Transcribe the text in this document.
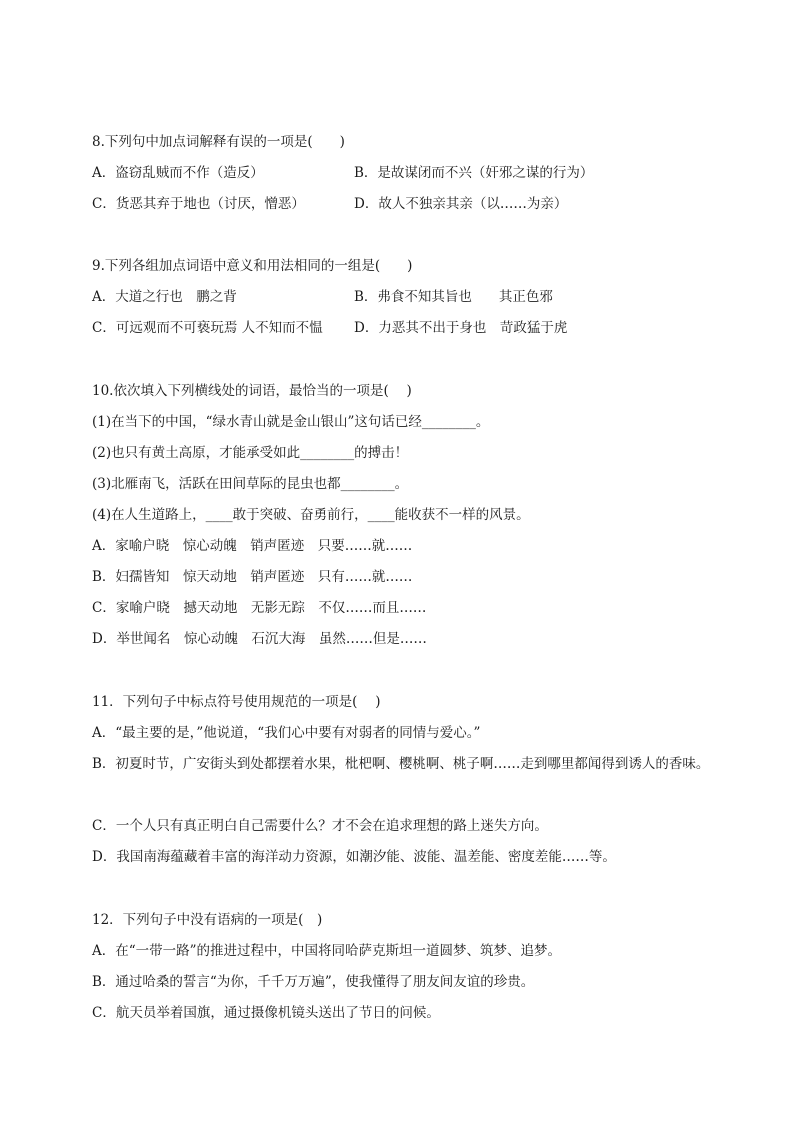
8.下列句中加点词解释有误的一项是(　　)
A．盗窃乱贼而不作（造反）	B．是故谋闭而不兴（奸邪之谋的行为）
C．货恶其弃于地也（讨厌，憎恶）	D．故人不独亲其亲（以……为亲）
9.下列各组加点词语中意义和用法相同的一组是(　　)
A．大道之行也　鹏之背	B．弗食不知其旨也　　其正色邪
C．可远观而不可亵玩焉 人不知而不愠 D．力恶其不出于身也　苛政猛于虎
10.依次填入下列横线处的词语，最恰当的一项是(　 )
(1)在当下的中国，“绿水青山就是金山银山”这句话已经________。
(2)也只有黄土高原，才能承受如此________的搏击！
(3)北雁南飞，活跃在田间草际的昆虫也都________。
(4)在人生道路上，____敢于突破、奋勇前行，____能收获不一样的风景。
A．家喻户晓　惊心动魄　销声匿迹　只要……就……
B．妇孺皆知　惊天动地　销声匿迹　只有……就……
C．家喻户晓　撼天动地　无影无踪　不仅……而且……
D．举世闻名　惊心动魄　石沉大海　虽然……但是……
11．下列句子中标点符号使用规范的一项是(　 )
A．“最主要的是，”他说道，“我们心中要有对弱者的同情与爱心。”
B．初夏时节，广安街头到处都摆着水果，枇杷啊、樱桃啊、桃子啊……走到哪里都闻得到诱人的香味。
C．一个人只有真正明白自己需要什么？才不会在追求理想的路上迷失方向。
D．我国南海蕴藏着丰富的海洋动力资源，如潮汐能、波能、温差能、密度差能……等。
12．下列句子中没有语病的一项是(　)
A．在“一带一路”的推进过程中，中国将同哈萨克斯坦一道圆梦、筑梦、追梦。
B．通过哈桑的誓言“为你，千千万万遍”，使我懂得了朋友间友谊的珍贵。
C．航天员举着国旗，通过摄像机镜头送出了节日的问候。
